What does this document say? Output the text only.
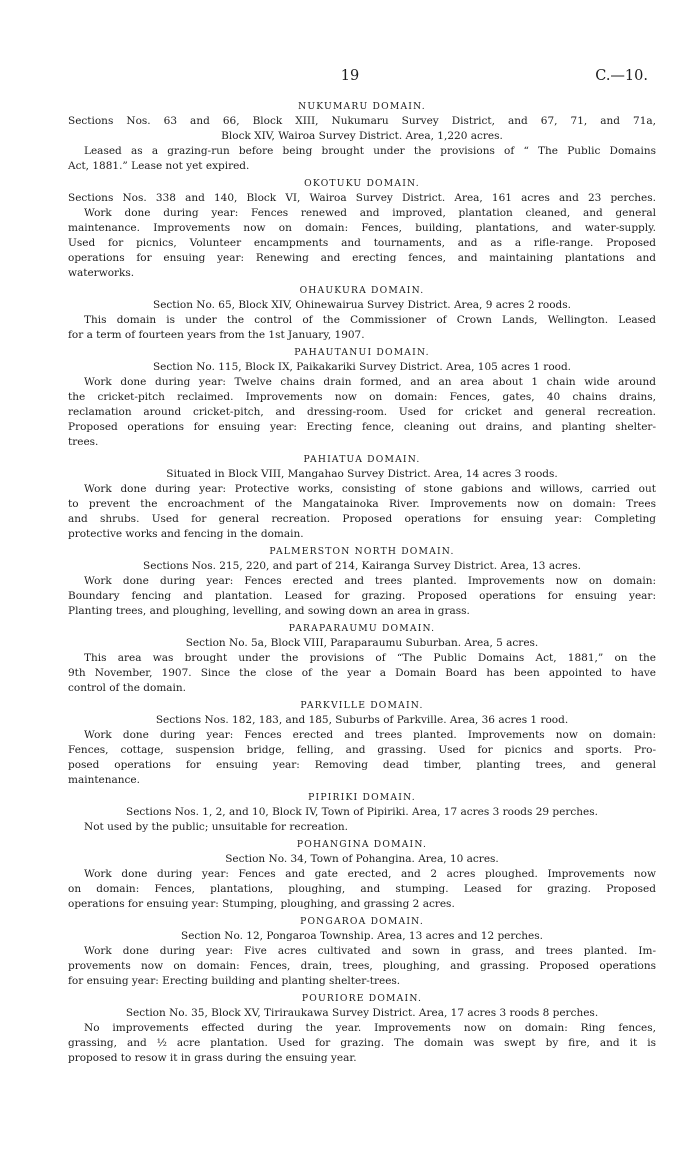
19	C.—10.
NUKUMARU DOMAIN.
Sections Nos. 63 and 66, Block XIII, Nukumaru Survey District, and 67, 71, and 71a,
Block XIV, Wairoa Survey District. Area, 1,220 acres.
Leased as a grazing-run before being brought under the provisions of “ The Public Domains
Act, 1881.” Lease not yet expired.
OKOTUKU DOMAIN.
Sections Nos. 338 and 140, Block VI, Wairoa Survey District. Area, 161 acres and 23 perches.
Work done during year: Fences renewed and improved, plantation cleaned, and general
maintenance. Improvements now on domain: Fences, building, plantations, and water-supply.
Used for picnics, Volunteer encampments and tournaments, and as a rifle-range. Proposed
operations for ensuing year: Renewing and erecting fences, and maintaining plantations and
waterworks.
OHAUKURA DOMAIN.
Section No. 65, Block XIV, Ohinewairua Survey District. Area, 9 acres 2 roods.
This domain is under the control of the Commissioner of Crown Lands, Wellington. Leased
for a term of fourteen years from the 1st January, 1907.
PAHAUTANUI DOMAIN.
Section No. 115, Block IX, Paikakariki Survey District. Area, 105 acres 1 rood.
Work done during year: Twelve chains drain formed, and an area about 1 chain wide around
the cricket-pitch reclaimed. Improvements now on domain: Fences, gates, 40 chains drains,
reclamation around cricket-pitch, and dressing-room. Used for cricket and general recreation.
Proposed operations for ensuing year: Erecting fence, cleaning out drains, and planting shelter-
trees.
PAHIATUA DOMAIN.
Situated in Block VIII, Mangahao Survey District. Area, 14 acres 3 roods.
Work done during year: Protective works, consisting of stone gabions and willows, carried out
to prevent the encroachment of the Mangatainoka River. Improvements now on domain: Trees
and shrubs. Used for general recreation. Proposed operations for ensuing year: Completing
protective works and fencing in the domain.
PALMERSTON NORTH DOMAIN.
Sections Nos. 215, 220, and part of 214, Kairanga Survey District. Area, 13 acres.
Work done during year: Fences erected and trees planted. Improvements now on domain:
Boundary fencing and plantation. Leased for grazing. Proposed operations for ensuing year:
Planting trees, and ploughing, levelling, and sowing down an area in grass.
PARAPARAUMU DOMAIN.
Section No. 5a, Block VIII, Paraparaumu Suburban. Area, 5 acres.
This area was brought under the provisions of “The Public Domains Act, 1881,” on the
9th November, 1907. Since the close of the year a Domain Board has been appointed to have
control of the domain.
PARKVILLE DOMAIN.
Sections Nos. 182, 183, and 185, Suburbs of Parkville. Area, 36 acres 1 rood.
Work done during year: Fences erected and trees planted. Improvements now on domain:
Fences, cottage, suspension bridge, felling, and grassing. Used for picnics and sports. Pro-
posed operations for ensuing year: Removing dead timber, planting trees, and general
maintenance.
PIPIRIKI DOMAIN.
Sections Nos. 1, 2, and 10, Block IV, Town of Pipiriki. Area, 17 acres 3 roods 29 perches.
Not used by the public; unsuitable for recreation.
POHANGINA DOMAIN.
Section No. 34, Town of Pohangina. Area, 10 acres.
Work done during year: Fences and gate erected, and 2 acres ploughed. Improvements now
on domain: Fences, plantations, ploughing, and stumping. Leased for grazing. Proposed
operations for ensuing year: Stumping, ploughing, and grassing 2 acres.
PONGAROA DOMAIN.
Section No. 12, Pongaroa Township. Area, 13 acres and 12 perches.
Work done during year: Five acres cultivated and sown in grass, and trees planted. Im-
provements now on domain: Fences, drain, trees, ploughing, and grassing. Proposed operations
for ensuing year: Erecting building and planting shelter-trees.
POURIORE DOMAIN.
Section No. 35, Block XV, Tiriraukawa Survey District. Area, 17 acres 3 roods 8 perches.
No improvements effected during the year. Improvements now on domain: Ring fences,
grassing, and ½ acre plantation. Used for grazing. The domain was swept by fire, and it is
proposed to resow it in grass during the ensuing year.
